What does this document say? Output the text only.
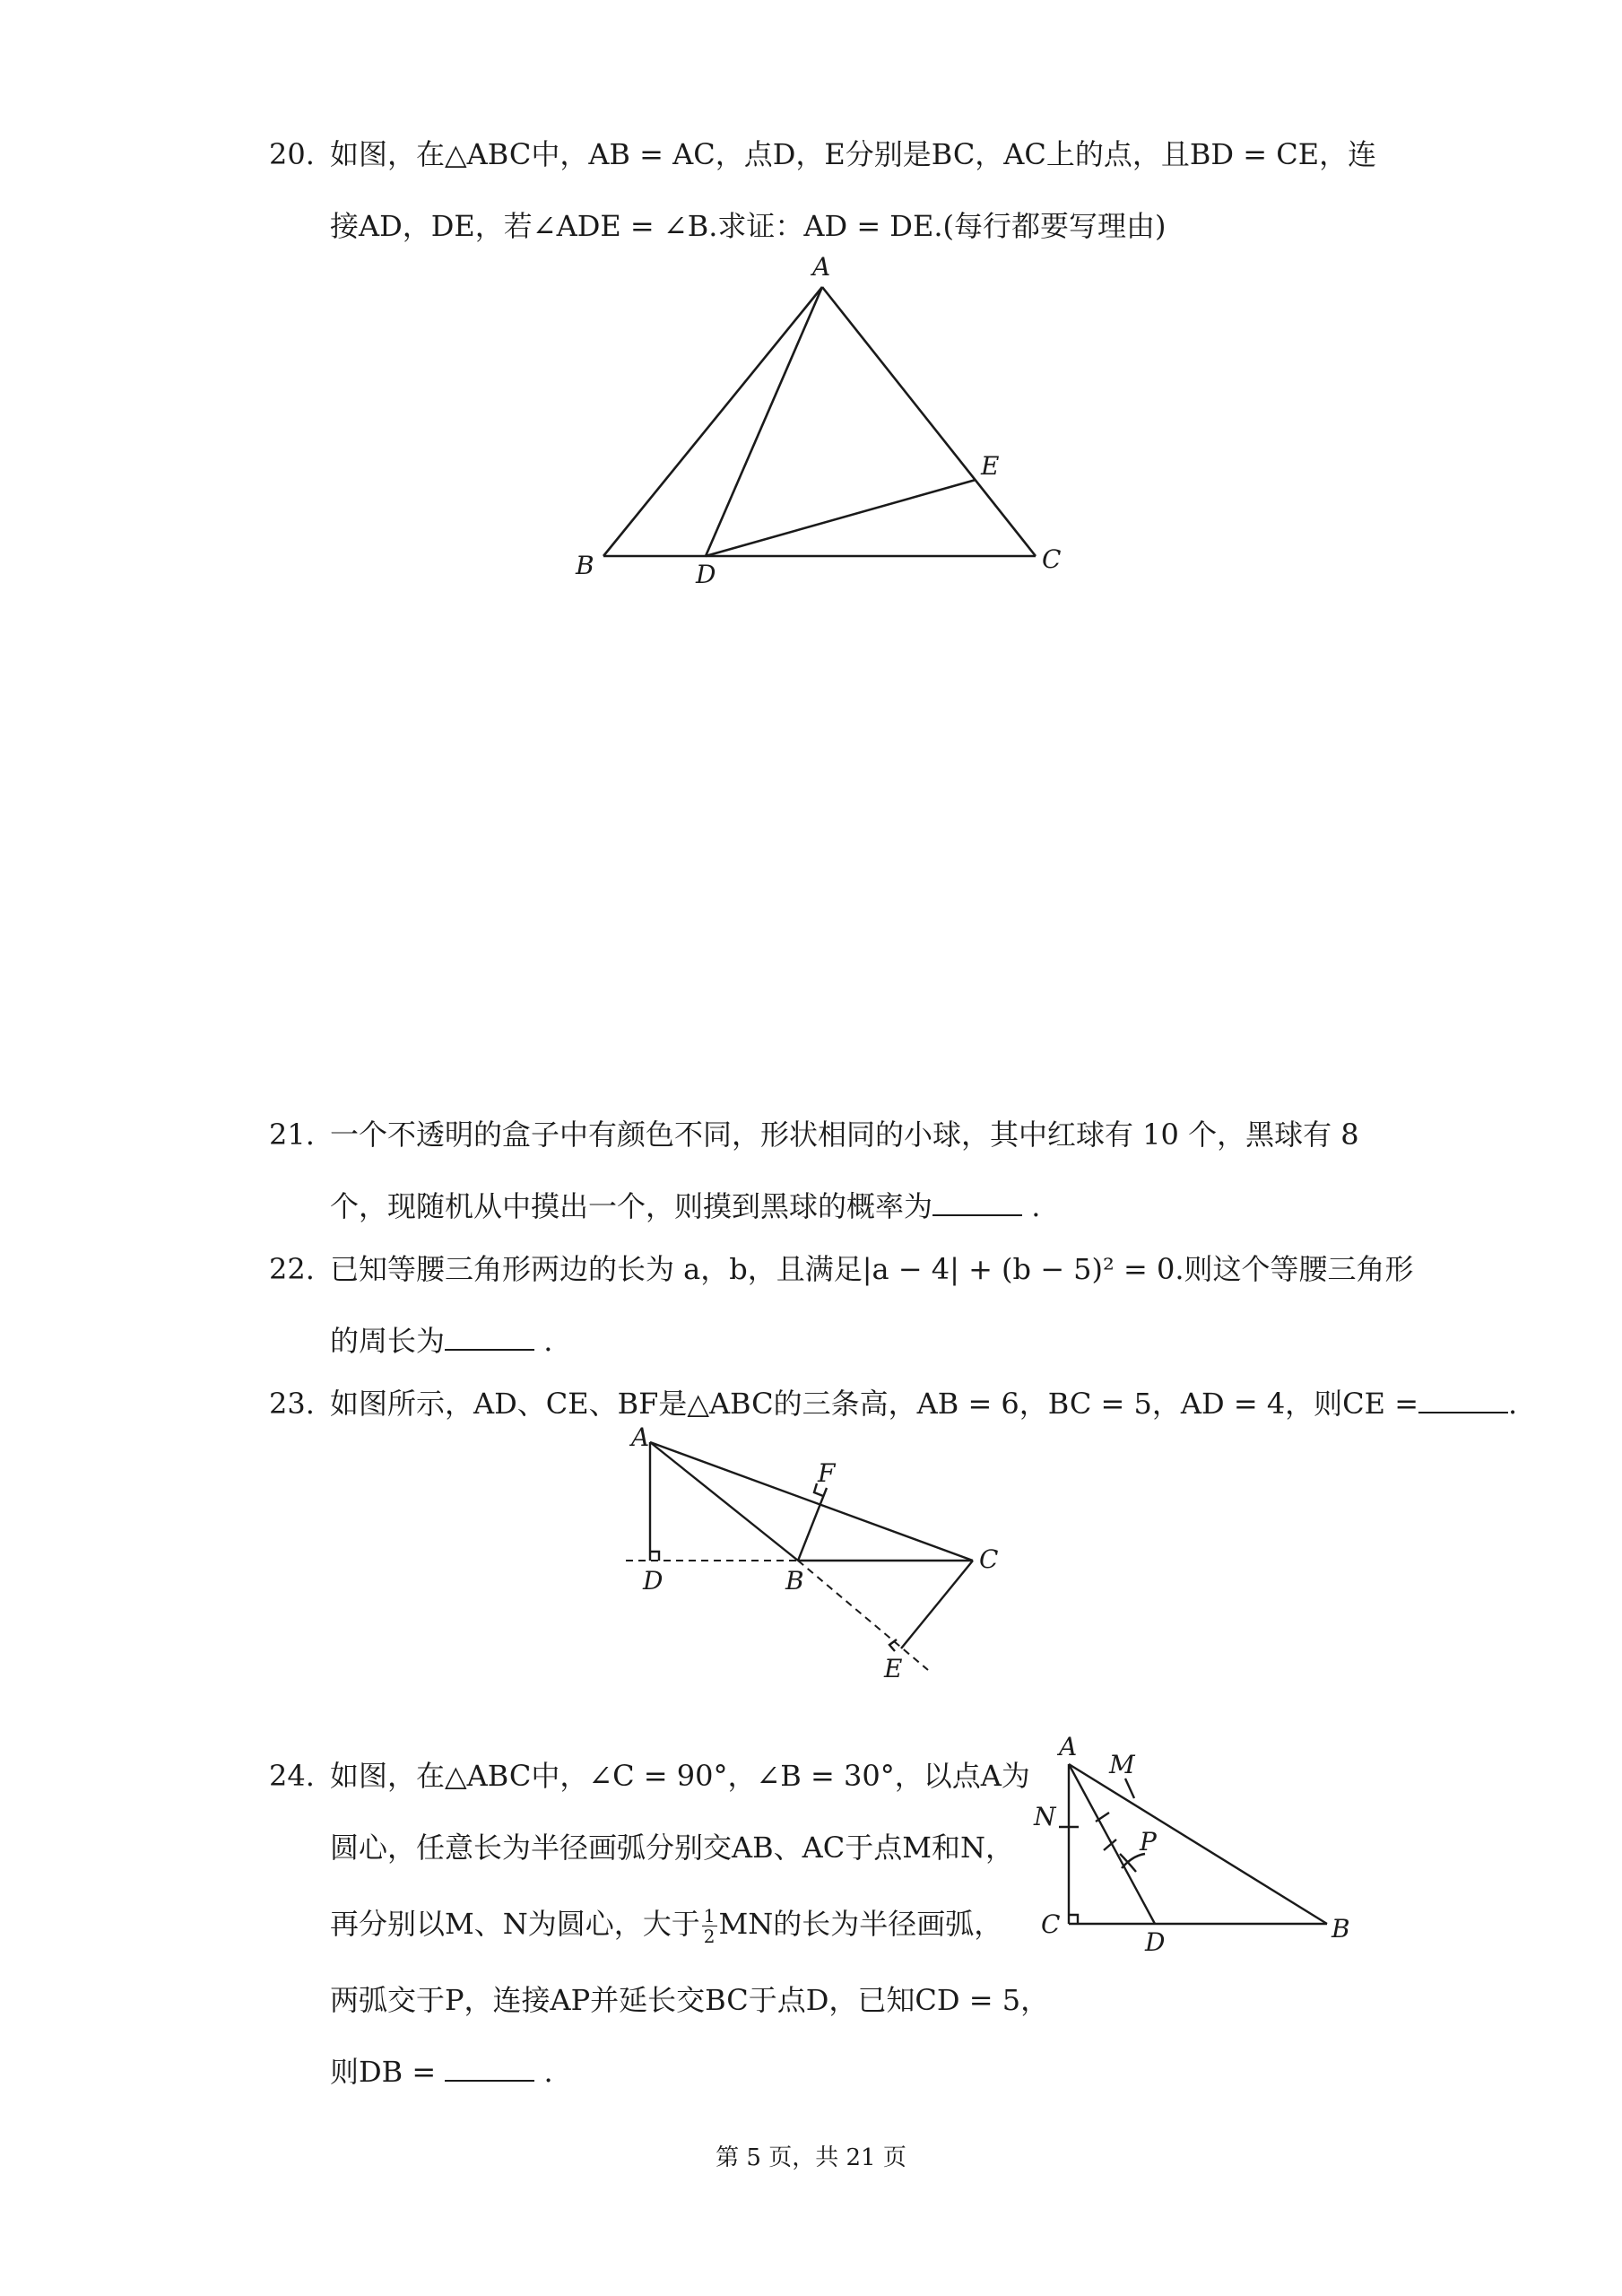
20. 如图，在△ABC中，AB = AC，点D，E分别是BC，AC上的点，且BD = CE，连
接AD，DE，若∠ADE = ∠B.求证：AD = DE.(每行都要写理由)
A
B	C
D
E
21. 一个不透明的盒子中有颜色不同，形状相同的小球，其中红球有 10 个，黑球有 8
个，现随机从中摸出一个，则摸到黑球的概率为	.
22. 已知等腰三角形两边的长为 a，b，且满足|a − 4| + (b − 5)² = 0.则这个等腰三角形
的周长为	.
23. 如图所示，AD、CE、BF是△ABC的三条高，AB = 6，BC = 5，AD = 4，则CE =	.
A
B
C
D
E
F
24. 如图，在△ABC中，∠C = 90°，∠B = 30°，以点A为
圆心，任意长为半径画弧分别交AB、AC于点M和N，
再分别以M、N为圆心，大于 $\frac{1}{2}$ MN的长为半径画弧，
两弧交于P，连接AP并延长交BC于点D，已知CD = 5，
则DB =	.
A
B
C
D
M
N
P
第 5 页，共 21 页
